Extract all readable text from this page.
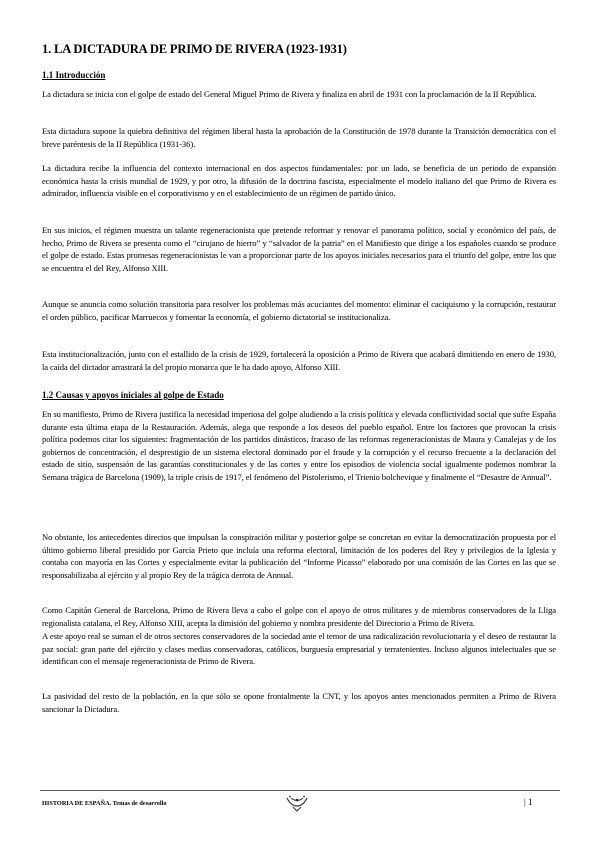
1. LA DICTADURA DE PRIMO DE RIVERA (1923-1931)
1.1 Introducción

La dictadura se inicia con el golpe de estado del General Miguel Primo de Rivera y finaliza en abril de 1931 con la proclamación de la II República.

Esta dictadura supone la quiebra definitiva del régimen liberal hasta la aprobación de la Constitución de 1978 durante la Transición democrática con el breve paréntesis de la II República (1931-36).

La dictadura recibe la influencia del contexto internacional en dos aspectos fundamentales: por un lado, se beneficia de un periodo de expansión económica hasta la crisis mundial de 1929, y por otro, la difusión de la doctrina fascista, especialmente el modelo italiano del que Primo de Rivera es admirador, influencia visible en el corporativismo y en el establecimiento de un régimen de partido único.

En sus inicios, el régimen muestra un talante regeneracionista que pretende reformar y renovar el panorama político, social y económico del país, de hecho, Primo de Rivera se presenta como el “cirujano de hierro” y “salvador de la patria” en el Manifiesto que dirige a los españoles cuando se produce el golpe de estado. Estas promesas regeneracionistas le van a proporcionar parte de los apoyos iniciales necesarios para el triunfo del golpe, entre los que se encuentra el del Rey, Alfonso XIII.

Aunque se anuncia como solución transitoria para resolver los problemas más acuciantes del momento: eliminar el caciquismo y la corrupción, restaurar el orden público, pacificar Marruecos y fomentar la economía, el gobierno dictatorial se institucionaliza.

Esta institucionalización, junto con el estallido de la crisis de 1929, fortalecerá la oposición a Primo de Rivera que acabará dimitiendo en enero de 1930, la caída del dictador arrastrará la del propio monarca que le ha dado apoyo, Alfonso XIII.

1.2 Causas y apoyos iniciales al golpe de Estado

En su manifiesto, Primo de Rivera justifica la necesidad imperiosa del golpe aludiendo a la crisis política y elevada conflictividad social que sufre España durante esta última etapa de la Restauración. Además, alega que responde a los deseos del pueblo español. Entre los factores que provocan la crisis política podemos citar los siguientes: fragmentación de los partidos dinásticos, fracaso de las reformas regeneracionistas de Maura y Canalejas y de los gobiernos de concentración, el desprestigio de un sistema electoral dominado por el fraude y la corrupción y el recurso frecuente a la declaración del estado de sitio, suspensión de las garantías constitucionales y de las cortes y entre los episodios de violencia social igualmente podemos nombrar la Semana trágica de Barcelona (1909), la triple crisis de 1917, el fenómeno del Pistolerismo, el Trienio bolchevique y finalmente el “Desastre de Annual”.

No obstante, los antecedentes directos que impulsan la conspiración militar y posterior golpe se concretan en evitar la democratización propuesta por el último gobierno liberal presidido por García Prieto que incluía una reforma electoral, limitación de los poderes del Rey y privilegios de la Iglesia y contaba con mayoría en las Cortes y especialmente evitar la publicación del “Informe Picasso” elaborado por una comisión de las Cortes en las que se responsabilizaba al ejército y al propio Rey de la trágica derrota de Annual.

Como Capitán General de Barcelona, Primo de Rivera lleva a cabo el golpe con el apoyo de otros militares y de miembros conservadores de la Lliga regionalista catalana, el Rey, Alfonso XIII, acepta la dimisión del gobierno y nombra presidente del Directorio a Primo de Rivera.

A este apoyo real se suman el de otros sectores conservadores de la sociedad ante el temor de una radicalización revolucionaria y el deseo de restaurar la paz social: gran parte del ejército y clases medias conservadoras, católicos, burguesía empresarial y terratenientes. Incluso algunos intelectuales que se identifican con el mensaje regeneracionista de Primo de Rivera.

La pasividad del resto de la población, en la que sólo se opone frontalmente la CNT, y los apoyos antes mencionados permiten a Primo de Rivera sancionar la Dictadura.

HISTORIA DE ESPAÑA. Temas de desarrollo	| 1
